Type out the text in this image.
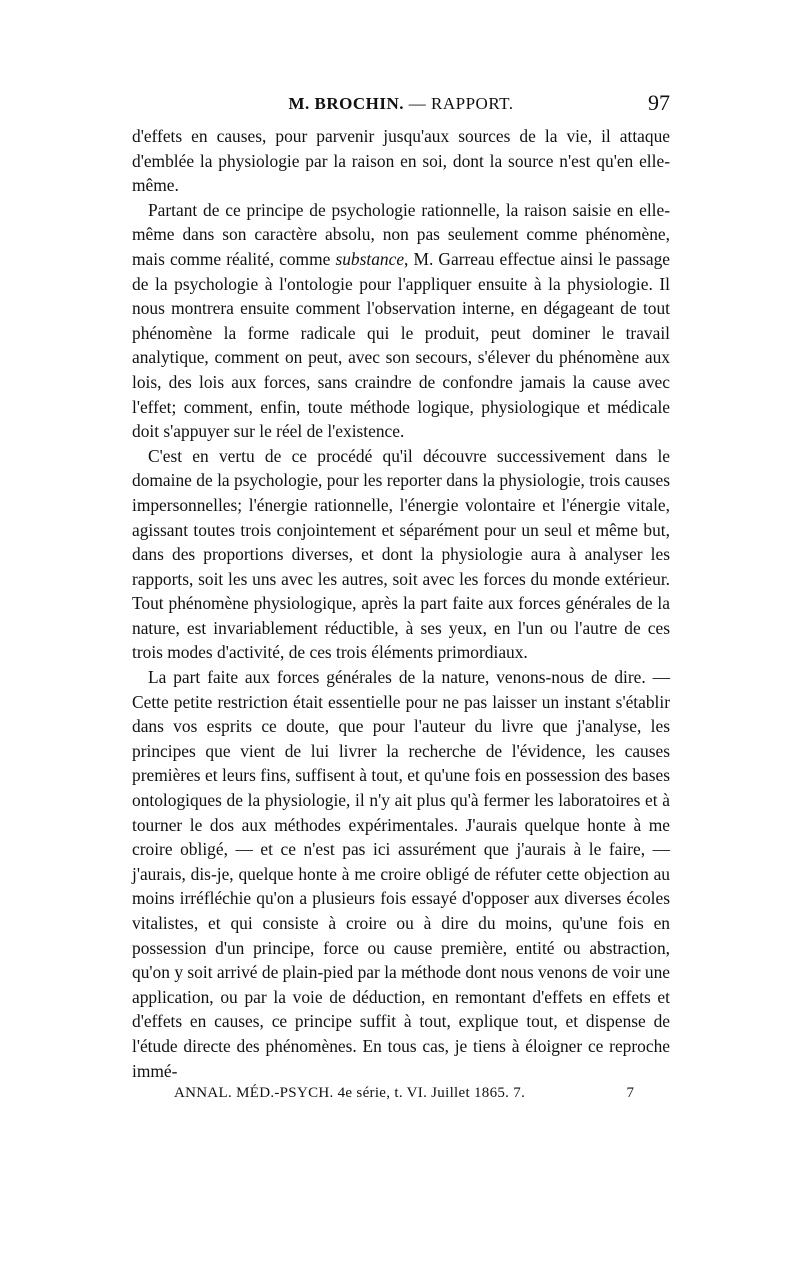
M. BROCHIN. — RAPPORT.	97

d'effets en causes, pour parvenir jusqu'aux sources de la vie, il attaque d'emblée la physiologie par la raison en soi, dont la source n'est qu'en elle-même.

Partant de ce principe de psychologie rationnelle, la raison saisie en elle-même dans son caractère absolu, non pas seulement comme phénomène, mais comme réalité, comme substance, M. Garreau effectue ainsi le passage de la psychologie à l'ontologie pour l'appliquer ensuite à la physiologie. Il nous montrera ensuite comment l'observation interne, en dégageant de tout phénomène la forme radicale qui le produit, peut dominer le travail analytique, comment on peut, avec son secours, s'élever du phénomène aux lois, des lois aux forces, sans craindre de confondre jamais la cause avec l'effet; comment, enfin, toute méthode logique, physiologique et médicale doit s'appuyer sur le réel de l'existence.

C'est en vertu de ce procédé qu'il découvre successivement dans le domaine de la psychologie, pour les reporter dans la physiologie, trois causes impersonnelles; l'énergie rationnelle, l'énergie volontaire et l'énergie vitale, agissant toutes trois conjointement et séparément pour un seul et même but, dans des proportions diverses, et dont la physiologie aura à analyser les rapports, soit les uns avec les autres, soit avec les forces du monde extérieur. Tout phénomène physiologique, après la part faite aux forces générales de la nature, est invariablement réductible, à ses yeux, en l'un ou l'autre de ces trois modes d'activité, de ces trois éléments primordiaux.

La part faite aux forces générales de la nature, venons-nous de dire. — Cette petite restriction était essentielle pour ne pas laisser un instant s'établir dans vos esprits ce doute, que pour l'auteur du livre que j'analyse, les principes que vient de lui livrer la recherche de l'évidence, les causes premières et leurs fins, suffisent à tout, et qu'une fois en possession des bases ontologiques de la physiologie, il n'y ait plus qu'à fermer les laboratoires et à tourner le dos aux méthodes expérimentales. J'aurais quelque honte à me croire obligé, — et ce n'est pas ici assurément que j'aurais à le faire, — j'aurais, dis-je, quelque honte à me croire obligé de réfuter cette objection au moins irréfléchie qu'on a plusieurs fois essayé d'opposer aux diverses écoles vitalistes, et qui consiste à croire ou à dire du moins, qu'une fois en possession d'un principe, force ou cause première, entité ou abstraction, qu'on y soit arrivé de plain-pied par la méthode dont nous venons de voir une application, ou par la voie de déduction, en remontant d'effets en effets et d'effets en causes, ce principe suffit à tout, explique tout, et dispense de l'étude directe des phénomènes. En tous cas, je tiens à éloigner ce reproche immé-

ANNAL. MÉD.-PSYCH. 4e série, t. VI. Juillet 1865. 7.	7
